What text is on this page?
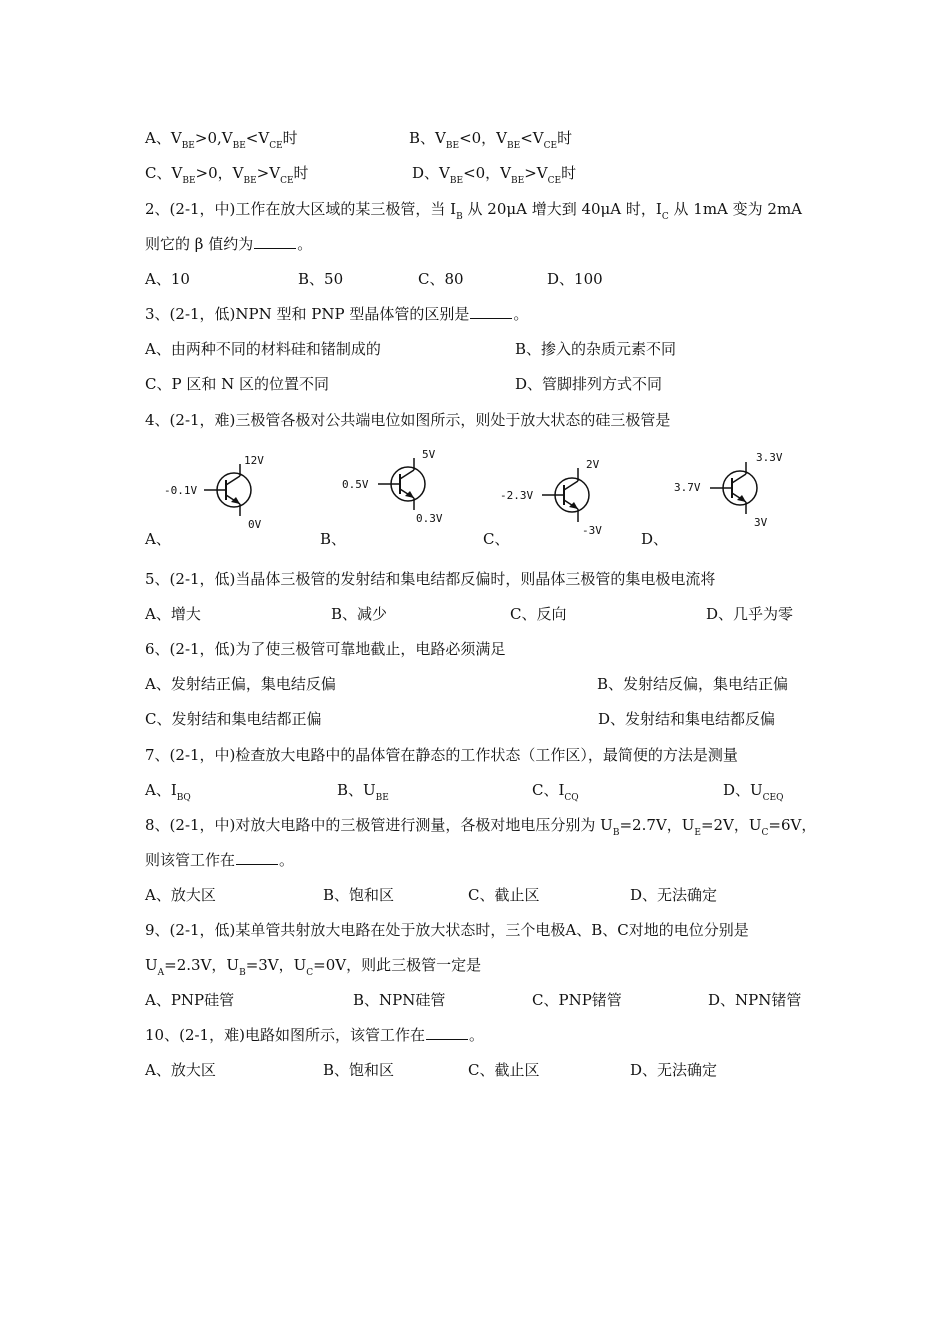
A、$V_{BE}>0,V_{BE}<V_{CE}$时	B、$V_{BE}<0$，$V_{BE}<V_{CE}$时
C、$V_{BE}>0$，$V_{BE}>V_{CE}$时	D、$V_{BE}<0$，$V_{BE}>V_{CE}$时
2、(2-1，中)工作在放大区域的某三极管，当 $I_B$ 从 20μA 增大到 40μA 时，$I_C$ 从 1mA 变为 2mA
则它的 β 值约为	。
A、10	B、50	C、80	D、100
3、(2-1，低)NPN 型和 PNP 型晶体管的区别是	。
A、由两种不同的材料硅和锗制成的	B、掺入的杂质元素不同
C、P 区和 N 区的位置不同	D、管脚排列方式不同
4、(2-1，难)三极管各极对公共端电位如图所示，则处于放大状态的硅三极管是
-0.1V
12V
0V
A、
0.5V
5V
0.3V
B、
-2.3V
2V
-3V
C、
3.7V
3.3V
3V
D、
5、(2-1，低)当晶体三极管的发射结和集电结都反偏时，则晶体三极管的集电极电流将
A、增大	B、减少	C、反向	D、几乎为零
6、(2-1，低)为了使三极管可靠地截止，电路必须满足
A、发射结正偏，集电结反偏	B、发射结反偏，集电结正偏
C、发射结和集电结都正偏	D、发射结和集电结都反偏
7、(2-1，中)检查放大电路中的晶体管在静态的工作状态（工作区），最简便的方法是测量
A、$I_{BQ}$	B、$U_{BE}$	C、$I_{CQ}$	D、$U_{CEQ}$
8、(2-1，中)对放大电路中的三极管进行测量，各极对地电压分别为 $U_B=2.7V$，$U_E=2V$，$U_C=6V$，
则该管工作在	。
A、放大区	B、饱和区	C、截止区	D、无法确定
9、(2-1，低)某单管共射放大电路在处于放大状态时，三个电极A、B、C对地的电位分别是
$U_A=2.3V$，$U_B=3V$，$U_C=0V$，则此三极管一定是
A、PNP硅管	B、NPN硅管	C、PNP锗管	D、NPN锗管
10、(2-1，难)电路如图所示，该管工作在	。
A、放大区	B、饱和区	C、截止区	D、无法确定
